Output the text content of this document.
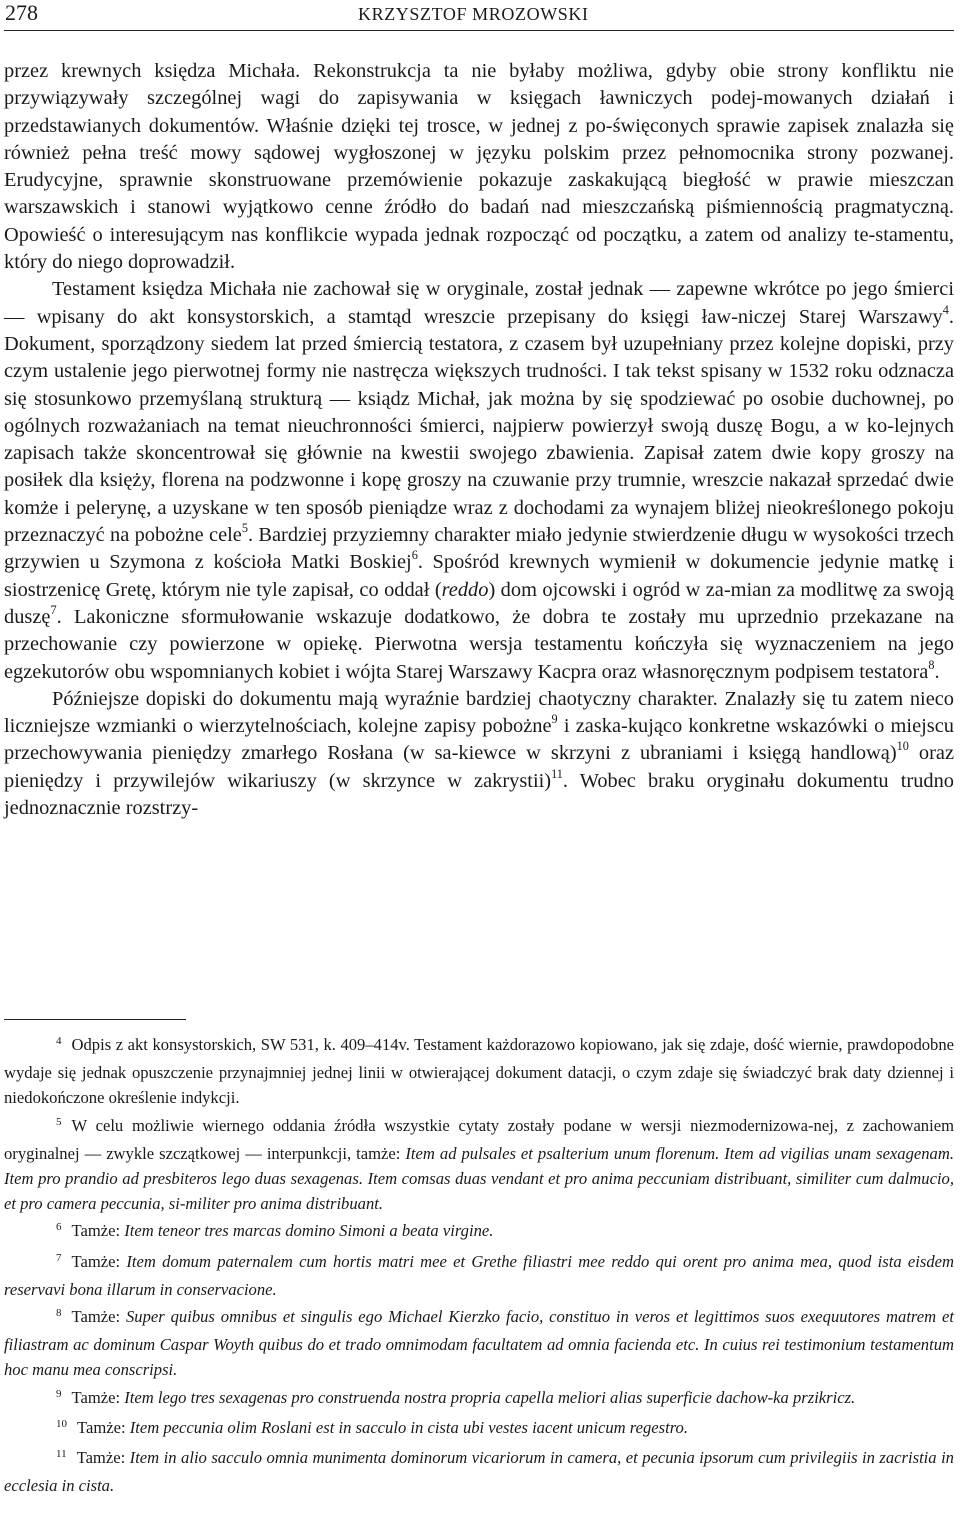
278	KRZYSZTOF MROZOWSKI

przez krewnych księdza Michała. Rekonstrukcja ta nie byłaby możliwa, gdyby obie strony konfliktu nie przywiązywały szczególnej wagi do zapisywania w księgach ławniczych podej-mowanych działań i przedstawianych dokumentów. Właśnie dzięki tej trosce, w jednej z po-święconych sprawie zapisek znalazła się również pełna treść mowy sądowej wygłoszonej w języku polskim przez pełnomocnika strony pozwanej. Erudycyjne, sprawnie skonstruowane przemówienie pokazuje zaskakującą biegłość w prawie mieszczan warszawskich i stanowi wyjątkowo cenne źródło do badań nad mieszczańską piśmiennością pragmatyczną. Opowieść o interesującym nas konflikcie wypada jednak rozpocząć od początku, a zatem od analizy te-stamentu, który do niego doprowadził.

Testament księdza Michała nie zachował się w oryginale, został jednak — zapewne wkrótce po jego śmierci — wpisany do akt konsystorskich, a stamtąd wreszcie przepisany do księgi ław-niczej Starej Warszawy$^4$. Dokument, sporządzony siedem lat przed śmiercią testatora, z czasem był uzupełniany przez kolejne dopiski, przy czym ustalenie jego pierwotnej formy nie nastręcza większych trudności. I tak tekst spisany w 1532 roku odznacza się stosunkowo przemyślaną strukturą — ksiądz Michał, jak można by się spodziewać po osobie duchownej, po ogólnych rozważaniach na temat nieuchronności śmierci, najpierw powierzył swoją duszę Bogu, a w ko-lejnych zapisach także skoncentrował się głównie na kwestii swojego zbawienia. Zapisał zatem dwie kopy groszy na posiłek dla księży, florena na podzwonne i kopę groszy na czuwanie przy trumnie, wreszcie nakazał sprzedać dwie komże i pelerynę, a uzyskane w ten sposób pieniądze wraz z dochodami za wynajem bliżej nieokreślonego pokoju przeznaczyć na pobożne cele$^5$. Bardziej przyziemny charakter miało jedynie stwierdzenie długu w wysokości trzech grzywien u Szymona z kościoła Matki Boskiej$^6$. Spośród krewnych wymienił w dokumencie jedynie matkę i siostrzenicę Gretę, którym nie tyle zapisał, co oddał (reddo) dom ojcowski i ogród w za-mian za modlitwę za swoją duszę$^7$. Lakoniczne sformułowanie wskazuje dodatkowo, że dobra te zostały mu uprzednio przekazane na przechowanie czy powierzone w opiekę. Pierwotna wersja testamentu kończyła się wyznaczeniem na jego egzekutorów obu wspomnianych kobiet i wójta Starej Warszawy Kacpra oraz własnoręcznym podpisem testatora$^8$.

Późniejsze dopiski do dokumentu mają wyraźnie bardziej chaotyczny charakter. Znalazły się tu zatem nieco liczniejsze wzmianki o wierzytelnościach, kolejne zapisy pobożne$^9$ i zaska-kująco konkretne wskazówki o miejscu przechowywania pieniędzy zmarłego Rosłana (w sa-kiewce w skrzyni z ubraniami i księgą handlową)$^{10}$ oraz pieniędzy i przywilejów wikariuszy (w skrzynce w zakrystii)$^{11}$. Wobec braku oryginału dokumentu trudno jednoznacznie rozstrzy-

$^4$ Odpis z akt konsystorskich, SW 531, k. 409–414v. Testament każdorazowo kopiowano, jak się zdaje, dość wiernie, prawdopodobne wydaje się jednak opuszczenie przynajmniej jednej linii w otwierającej dokument datacji, o czym zdaje się świadczyć brak daty dziennej i niedokończone określenie indykcji.

$^5$ W celu możliwie wiernego oddania źródła wszystkie cytaty zostały podane w wersji niezmodernizowa-nej, z zachowaniem oryginalnej — zwykle szczątkowej — interpunkcji, tamże: Item ad pulsales et psalterium unum florenum. Item ad vigilias unam sexagenam. Item pro prandio ad presbiteros lego duas sexagenas. Item comsas duas vendant et pro anima peccuniam distribuant, similiter cum dalmucio, et pro camera peccunia, si-militer pro anima distribuant.

$^6$ Tamże: Item teneor tres marcas domino Simoni a beata virgine.

$^7$ Tamże: Item domum paternalem cum hortis matri mee et Grethe filiastri mee reddo qui orent pro anima mea, quod ista eisdem reservavi bona illarum in conservacione.

$^8$ Tamże: Super quibus omnibus et singulis ego Michael Kierzko facio, constituo in veros et legittimos suos exequutores matrem et filiastram ac dominum Caspar Woyth quibus do et trado omnimodam facultatem ad omnia facienda etc. In cuius rei testimonium testamentum hoc manu mea conscripsi.

$^9$ Tamże: Item lego tres sexagenas pro construenda nostra propria capella meliori alias superficie dachow-ka przikricz.

$^{10}$ Tamże: Item peccunia olim Roslani est in sacculo in cista ubi vestes iacent unicum regestro.

$^{11}$ Tamże: Item in alio sacculo omnia munimenta dominorum vicariorum in camera, et pecunia ipsorum cum privilegiis in zacristia in ecclesia in cista.
